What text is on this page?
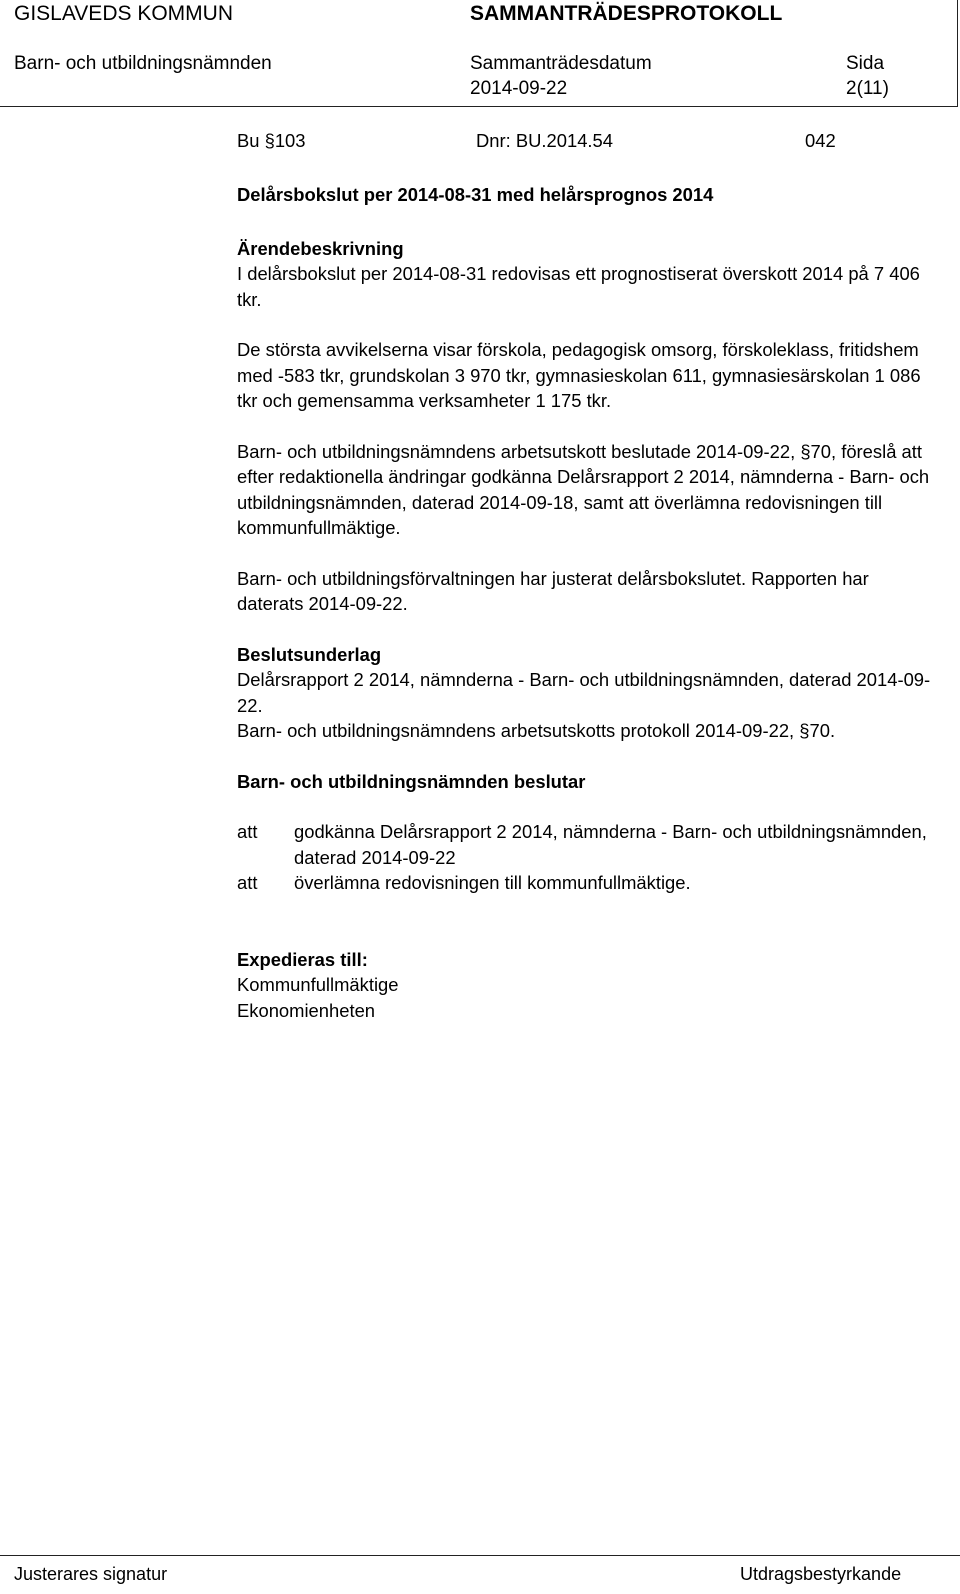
GISLAVEDS KOMMUN	SAMMANTRÄDESPROTOKOLL
Barn- och utbildningsnämnden	Sammanträdesdatum
2014-09-22
Sida
2(11)
Bu §103	Dnr: BU.2014.54	042

Delårsbokslut per 2014-08-31 med helårsprognos 2014

Ärendebeskrivning

I delårsbokslut per 2014-08-31 redovisas ett prognostiserat överskott 2014 på 7 406 tkr.

De största avvikelserna visar förskola, pedagogisk omsorg, förskoleklass, fritidshem med -583 tkr, grundskolan 3 970 tkr, gymnasieskolan 611, gymnasiesärskolan 1 086 tkr och gemensamma verksamheter 1 175 tkr.

Barn- och utbildningsnämndens arbetsutskott beslutade 2014-09-22, §70, föreslå att efter redaktionella ändringar godkänna Delårsrapport 2 2014, nämnderna - Barn- och utbildningsnämnden, daterad 2014-09-18, samt att överlämna redovisningen till kommunfullmäktige.

Barn- och utbildningsförvaltningen har justerat delårsbokslutet. Rapporten har daterats 2014-09-22.

Beslutsunderlag

Delårsrapport 2 2014, nämnderna - Barn- och utbildningsnämnden, daterad 2014-09-22.

Barn- och utbildningsnämndens arbetsutskotts protokoll 2014-09-22, §70.

Barn- och utbildningsnämnden beslutar

att	godkänna Delårsrapport 2 2014, nämnderna - Barn- och utbildningsnämnden, daterad 2014-09-22
att	överlämna redovisningen till kommunfullmäktige.

Expedieras till:

Kommunfullmäktige

Ekonomienheten

Justerares signatur	Utdragsbestyrkande
